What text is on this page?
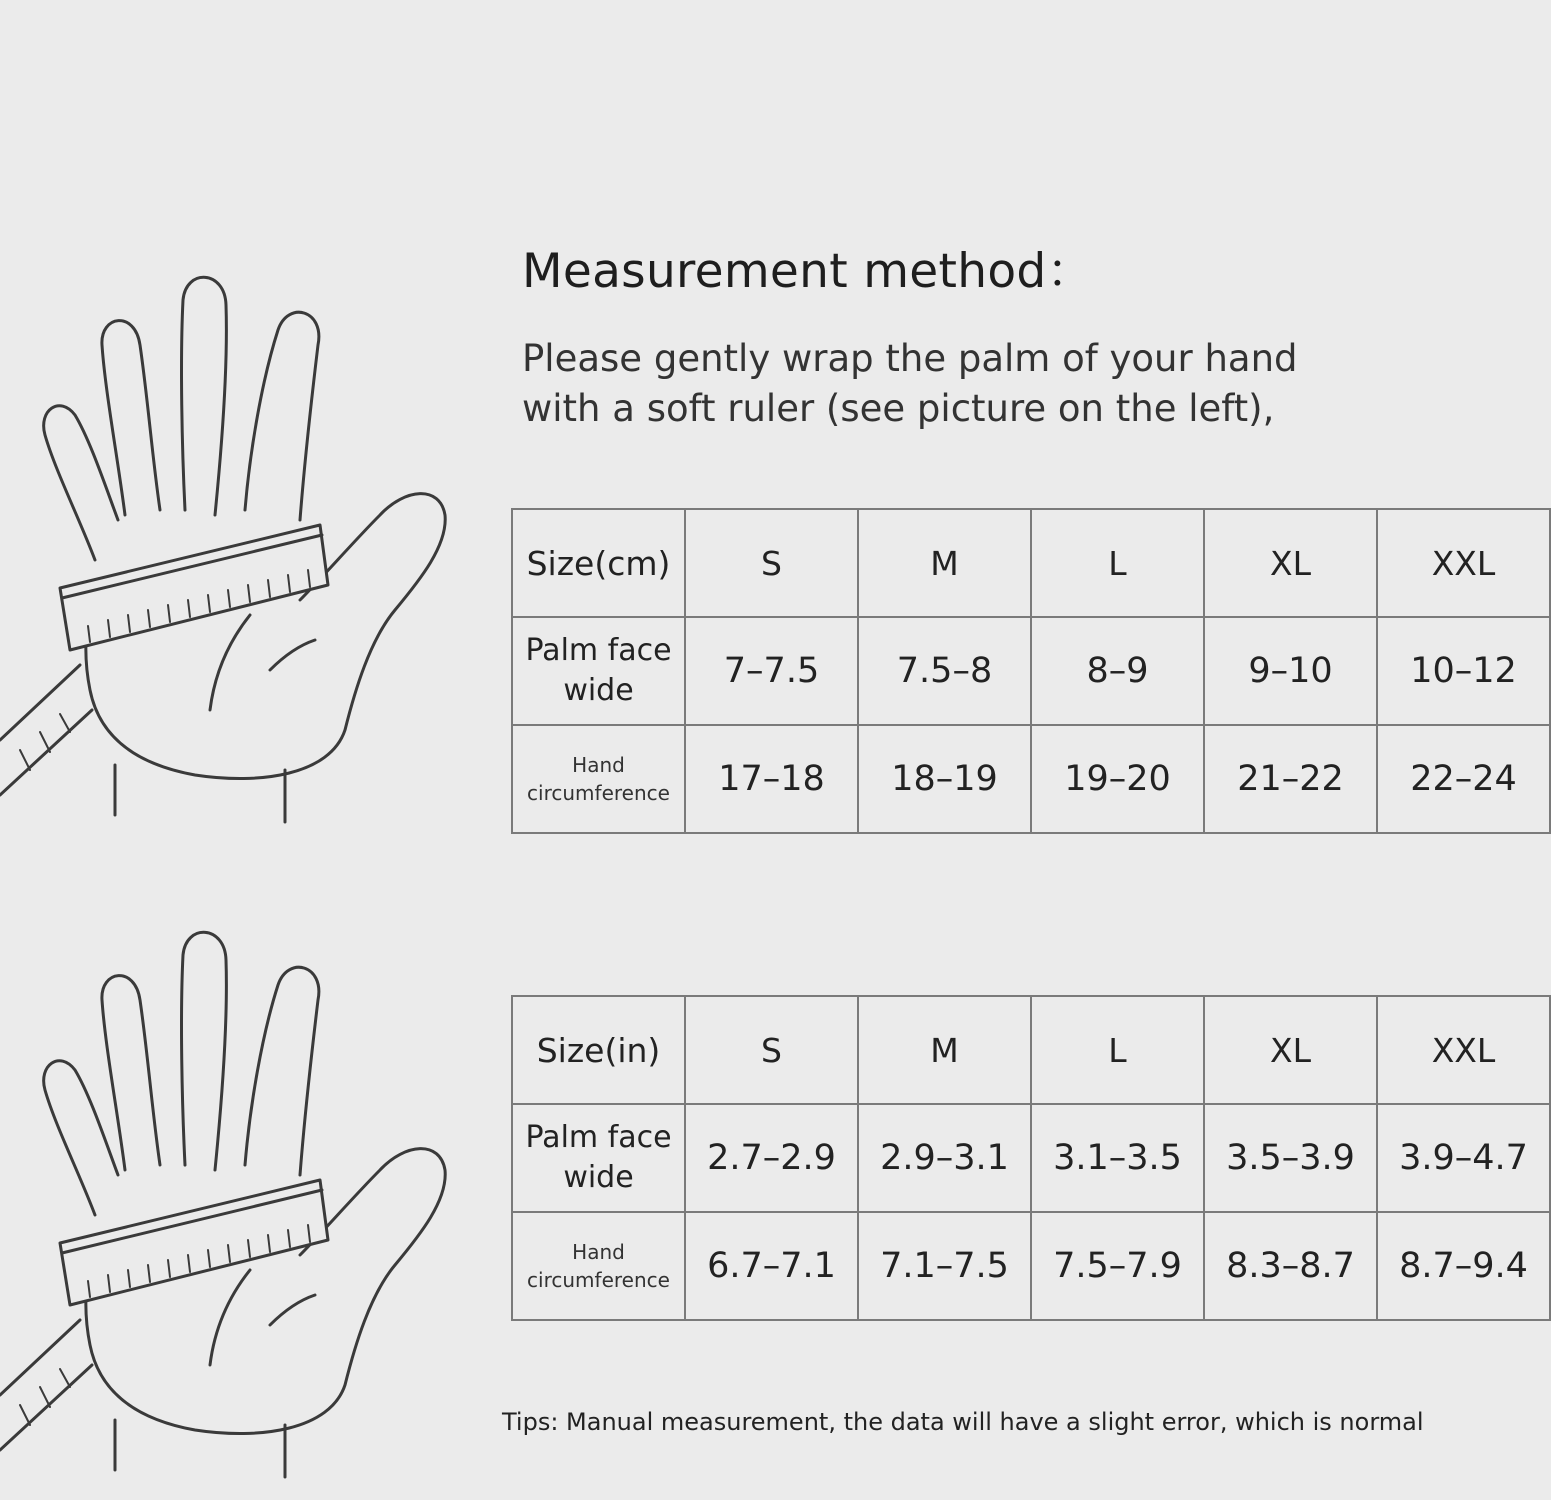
Measurement method：

Please gently wrap the palm of your hand
with a soft ruler (see picture on the left),

Size(cm)	S	M	L	XL	XXL

Palm face
wide	7–7.5	7.5–8	8–9	9–10	10–12

Hand
circumference	17–18	18–19	19–20	21–22	22–24
Size(in)	S	M	L	XL	XXL

Palm face
wide	2.7–2.9	2.9–3.1	3.1–3.5	3.5–3.9	3.9–4.7

Hand
circumference	6.7–7.1	7.1–7.5	7.5–7.9	8.3–8.7	8.7–9.4

Tips: Manual measurement, the data will have a slight error, which is normal
